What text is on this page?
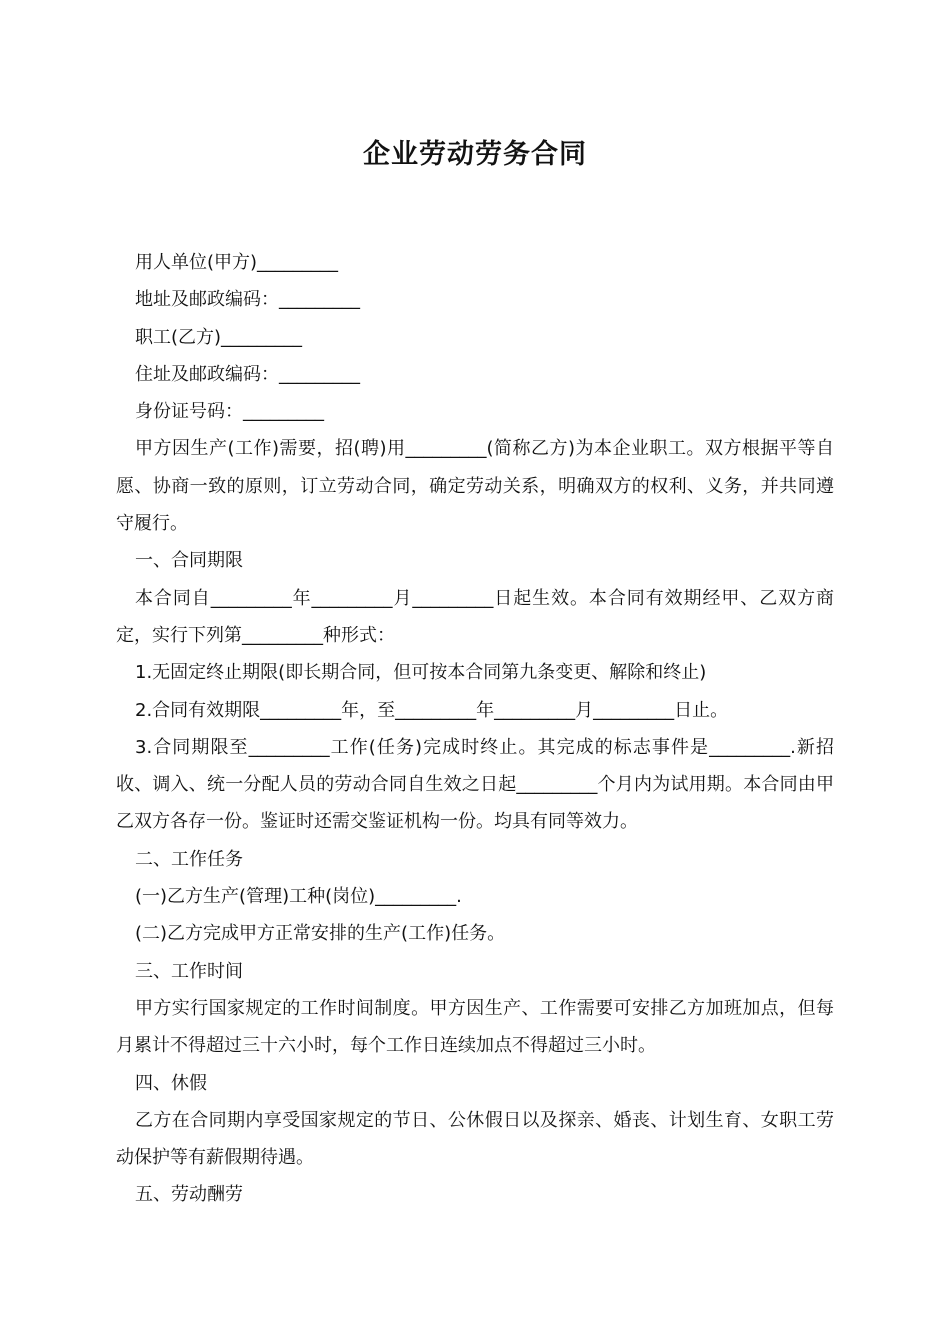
企业劳动劳务合同

用人单位(甲方)_________

地址及邮政编码：_________

职工(乙方)_________

住址及邮政编码：_________

身份证号码：_________

甲方因生产(工作)需要，招(聘)用_________(简称乙方)为本企业职工。双方根据平等自愿、协商一致的原则，订立劳动合同，确定劳动关系，明确双方的权利、义务，并共同遵守履行。

一、合同期限

本合同自_________年_________月_________日起生效。本合同有效期经甲、乙双方商定，实行下列第_________种形式：

1.无固定终止期限(即长期合同，但可按本合同第九条变更、解除和终止)

2.合同有效期限_________年，至_________年_________月_________日止。

3.合同期限至_________工作(任务)完成时终止。其完成的标志事件是_________.新招收、调入、统一分配人员的劳动合同自生效之日起_________个月内为试用期。本合同由甲乙双方各存一份。鉴证时还需交鉴证机构一份。均具有同等效力。

二、工作任务

(一)乙方生产(管理)工种(岗位)_________.

(二)乙方完成甲方正常安排的生产(工作)任务。

三、工作时间

甲方实行国家规定的工作时间制度。甲方因生产、工作需要可安排乙方加班加点，但每月累计不得超过三十六小时，每个工作日连续加点不得超过三小时。

四、休假

乙方在合同期内享受国家规定的节日、公休假日以及探亲、婚丧、计划生育、女职工劳动保护等有薪假期待遇。

五、劳动酬劳
